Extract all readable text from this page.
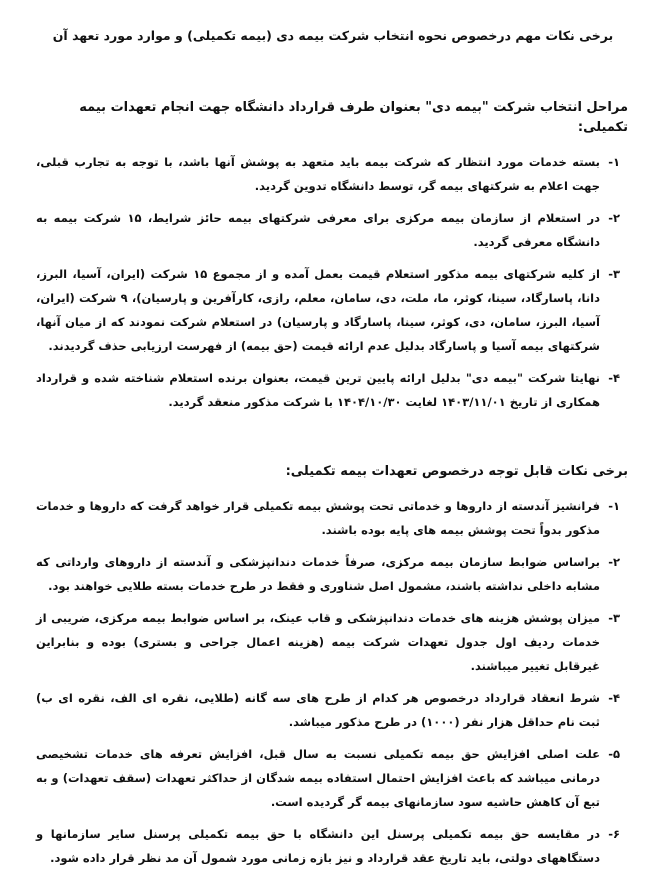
برخی نکات مهم درخصوص نحوه انتخاب شرکت بیمه دی (بیمه تکمیلی) و موارد مورد تعهد آن
مراحل انتخاب شرکت "بیمه دی" بعنوان طرف قرارداد دانشگاه جهت انجام تعهدات بیمه تکمیلی:
۱-
بسته خدمات مورد انتظار که شرکت بیمه باید متعهد به پوشش آنها باشد، با توجه به تجارب قبلی، جهت اعلام به شرکتهای بیمه گر، توسط دانشگاه تدوین گردید.
۲-
در استعلام از سازمان بیمه مرکزی برای معرفی شرکتهای بیمه حائز شرایط، ۱۵ شرکت بیمه به دانشگاه معرفی گردید.
۳-
از کلیه شرکتهای بیمه مذکور استعلام قیمت بعمل آمده و از مجموع ۱۵ شرکت (ایران، آسیا، البرز، دانا، پاسارگاد، سینا، کوثر، ما، ملت، دی، سامان، معلم، رازی، کارآفرین و پارسیان)، ۹ شرکت (ایران، آسیا، البرز، سامان، دی، کوثر، سینا، پاسارگاد و پارسیان) در استعلام شرکت نمودند که از میان آنها، شرکتهای بیمه آسیا و پاسارگاد بدلیل عدم ارائه قیمت (حق بیمه) از فهرست ارزیابی حذف گردیدند.
۴-
نهایتا شرکت "بیمه دی" بدلیل ارائه پایین ترین قیمت، بعنوان برنده استعلام شناخته شده و قرارداد همکاری از تاریخ ۱۴۰۳/۱۱/۰۱ لغایت ۱۴۰۴/۱۰/۳۰ با شرکت مذکور منعقد گردید.
برخی نکات قابل توجه درخصوص تعهدات بیمه تکمیلی:
۱-
فرانشیز آندسته از داروها و خدماتی تحت پوشش بیمه تکمیلی قرار خواهد گرفت که داروها و خدمات مذکور بدواً تحت پوشش بیمه های پایه بوده باشند.
۲-
براساس ضوابط سازمان بیمه مرکزی، صرفاً خدمات دندانپزشکی و آندسته از داروهای وارداتی که مشابه داخلی نداشته باشند، مشمول اصل شناوری و فقط در طرح خدمات بسته طلایی خواهند بود.
۳-
میزان پوشش هزینه های خدمات دندانپزشکی و قاب عینک، بر اساس ضوابط بیمه مرکزی، ضریبی از خدمات ردیف اول جدول تعهدات شرکت بیمه (هزینه اعمال جراحی و بستری) بوده و بنابراین غیرقابل تغییر میباشند.
۴-
شرط انعقاد قرارداد درخصوص هر کدام از طرح های سه گانه (طلایی، نقره ای الف، نقره ای ب) ثبت نام حداقل هزار نفر (۱۰۰۰) در طرح مذکور میباشد.
۵-
علت اصلی افزایش حق بیمه تکمیلی نسبت به سال قبل، افزایش تعرفه های خدمات تشخیصی درمانی میباشد که باعث افزایش احتمال استفاده بیمه شدگان از حداکثر تعهدات (سقف تعهدات) و به تبع آن کاهش حاشیه سود سازمانهای بیمه گر گردیده است.
۶-
در مقایسه حق بیمه تکمیلی پرسنل این دانشگاه با حق بیمه تکمیلی پرسنل سایر سازمانها و دستگاههای دولتی، باید تاریخ عقد قرارداد و نیز بازه زمانی مورد شمول آن مد نظر قرار داده شود.
